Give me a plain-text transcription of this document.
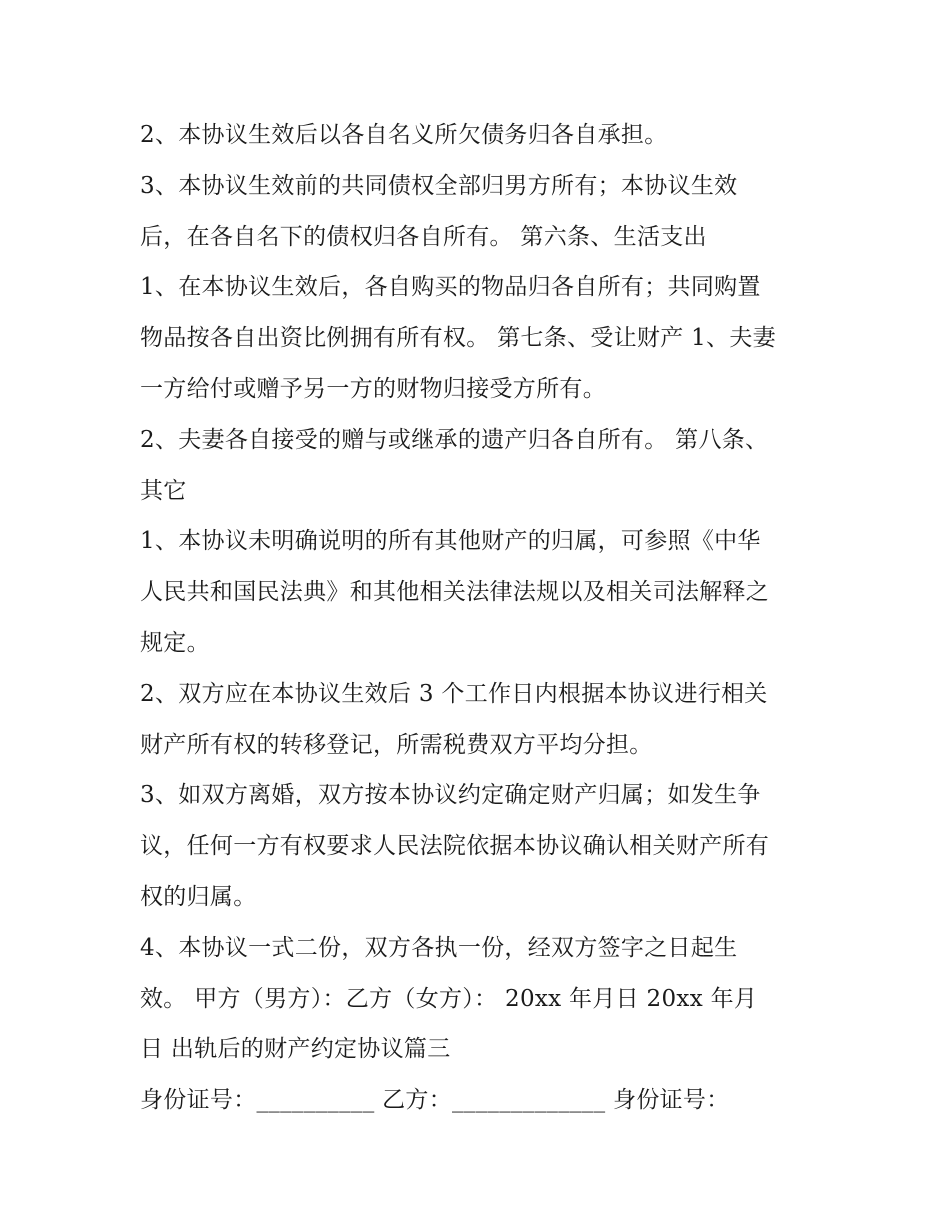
2、本协议生效后以各自名义所欠债务归各自承担。
3、本协议生效前的共同债权全部归男方所有；本协议生效
后，在各自名下的债权归各自所有。 第六条、生活支出
1、在本协议生效后，各自购买的物品归各自所有；共同购置
物品按各自出资比例拥有所有权。 第七条、受让财产 1、夫妻
一方给付或赠予另一方的财物归接受方所有。
2、夫妻各自接受的赠与或继承的遗产归各自所有。 第八条、
其它
1、本协议未明确说明的所有其他财产的归属，可参照《中华
人民共和国民法典》和其他相关法律法规以及相关司法解释之
规定。
2、双方应在本协议生效后 3 个工作日内根据本协议进行相关
财产所有权的转移登记，所需税费双方平均分担。
3、如双方离婚，双方按本协议约定确定财产归属；如发生争
议，任何一方有权要求人民法院依据本协议确认相关财产所有
权的归属。
4、本协议一式二份，双方各执一份，经双方签字之日起生
效。 甲方（男方）：乙方（女方）： 20xx 年月日 20xx 年月
日 出轨后的财产约定协议篇三
身份证号：__________ 乙方：_____________ 身份证号：
